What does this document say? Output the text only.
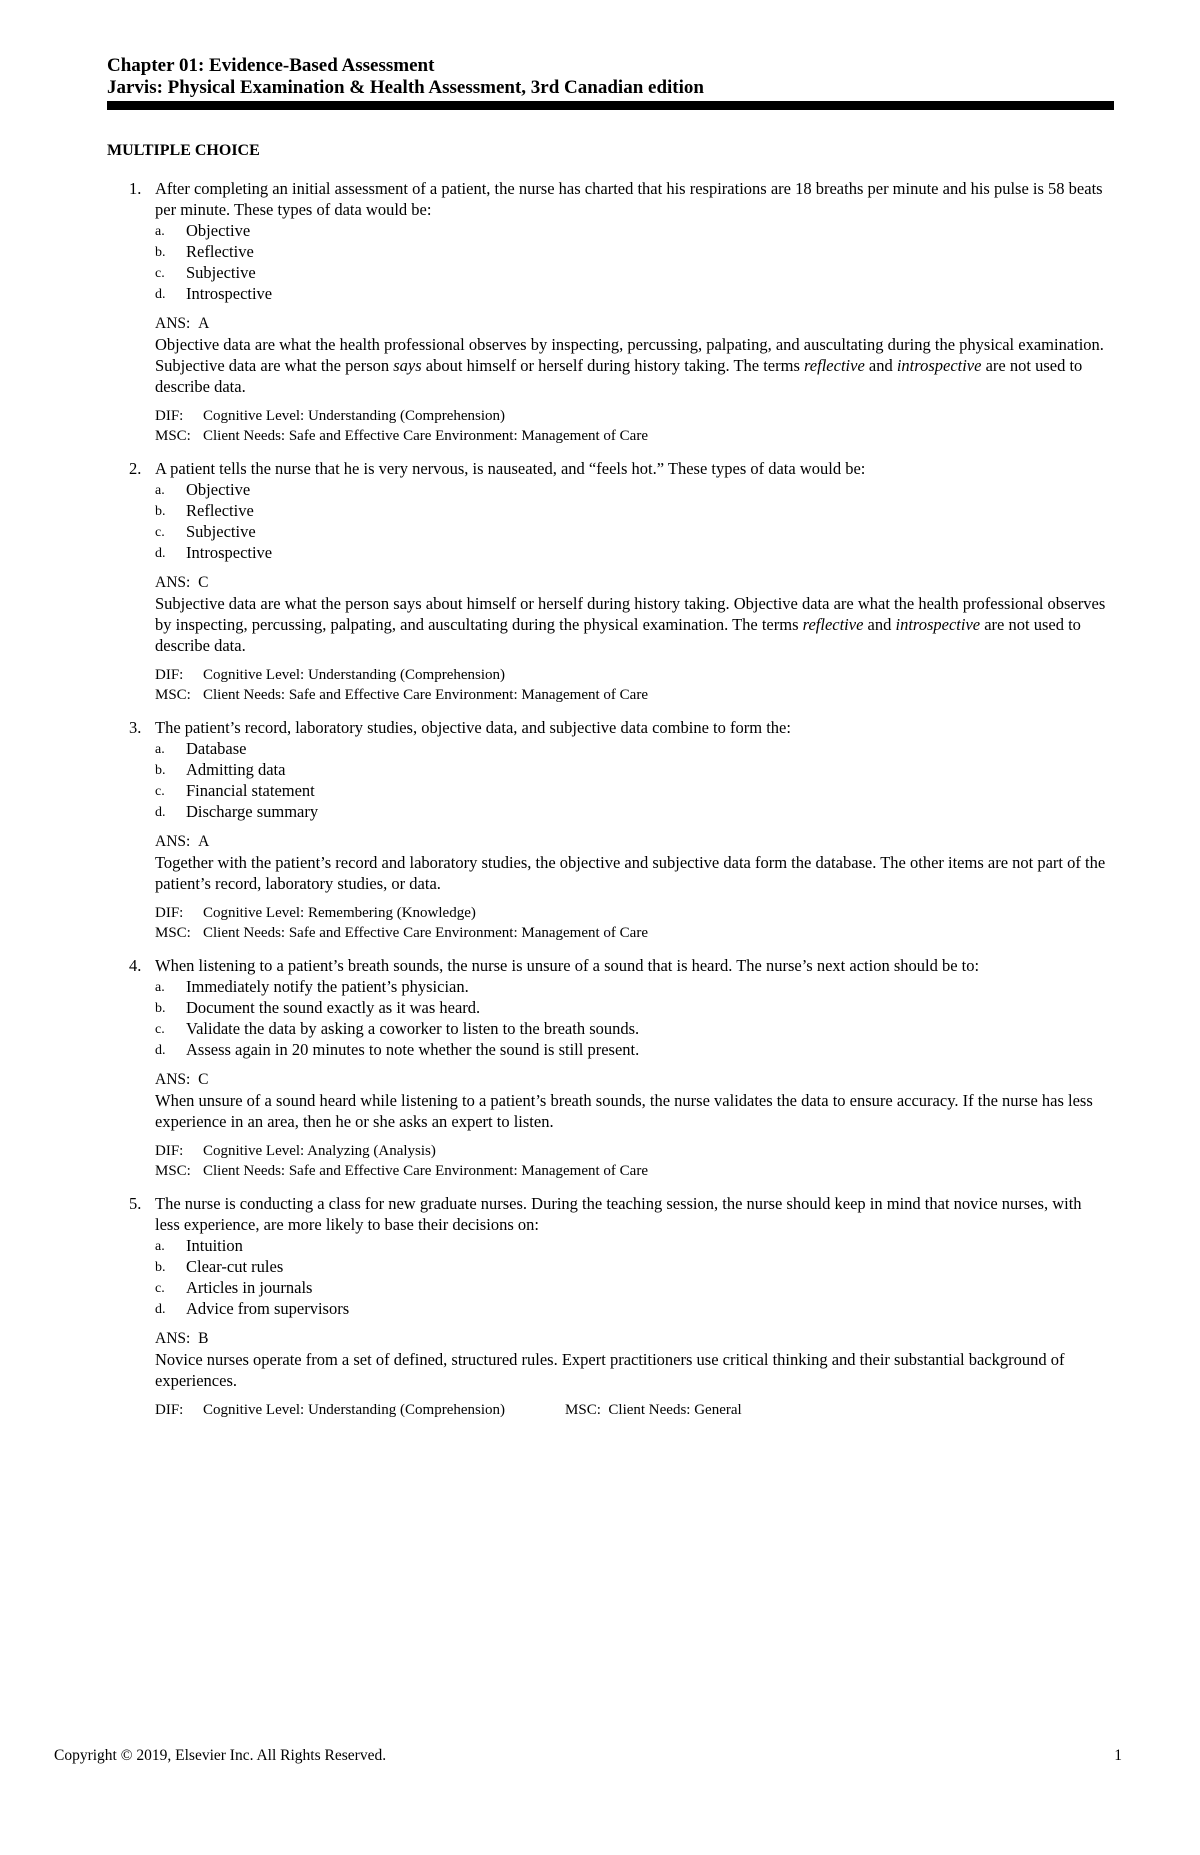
Chapter 01: Evidence-Based Assessment
Jarvis: Physical Examination & Health Assessment, 3rd Canadian edition
MULTIPLE CHOICE
1. After completing an initial assessment of a patient, the nurse has charted that his respirations are 18 breaths per minute and his pulse is 58 beats per minute. These types of data would be:

a. Objective
b. Reflective
c. Subjective
d. Introspective
ANS: A

Objective data are what the health professional observes by inspecting, percussing, palpating, and auscultating during the physical examination. Subjective data are what the person says about himself or herself during history taking. The terms reflective and introspective are not used to describe data.

DIF: Cognitive Level: Understanding (Comprehension)
MSC: Client Needs: Safe and Effective Care Environment: Management of Care
2. A patient tells the nurse that he is very nervous, is nauseated, and “feels hot.” These types of data would be:

a. Objective
b. Reflective
c. Subjective
d. Introspective
ANS: C

Subjective data are what the person says about himself or herself during history taking. Objective data are what the health professional observes by inspecting, percussing, palpating, and auscultating during the physical examination. The terms reflective and introspective are not used to describe data.

DIF: Cognitive Level: Understanding (Comprehension)
MSC: Client Needs: Safe and Effective Care Environment: Management of Care
3. The patient’s record, laboratory studies, objective data, and subjective data combine to form the:

a. Database
b. Admitting data
c. Financial statement
d. Discharge summary
ANS: A

Together with the patient’s record and laboratory studies, the objective and subjective data form the database. The other items are not part of the patient’s record, laboratory studies, or data.

DIF: Cognitive Level: Remembering (Knowledge)
MSC: Client Needs: Safe and Effective Care Environment: Management of Care
4. When listening to a patient’s breath sounds, the nurse is unsure of a sound that is heard. The nurse’s next action should be to:

a. Immediately notify the patient’s physician.
b. Document the sound exactly as it was heard.
c. Validate the data by asking a coworker to listen to the breath sounds.
d. Assess again in 20 minutes to note whether the sound is still present.
ANS: C

When unsure of a sound heard while listening to a patient’s breath sounds, the nurse validates the data to ensure accuracy. If the nurse has less experience in an area, then he or she asks an expert to listen.

DIF: Cognitive Level: Analyzing (Analysis)
MSC: Client Needs: Safe and Effective Care Environment: Management of Care
5. The nurse is conducting a class for new graduate nurses. During the teaching session, the nurse should keep in mind that novice nurses, with less experience, are more likely to base their decisions on:

a. Intuition
b. Clear-cut rules
c. Articles in journals
d. Advice from supervisors
ANS: B

Novice nurses operate from a set of defined, structured rules. Expert practitioners use critical thinking and their substantial background of experiences.

DIF: Cognitive Level: Understanding (Comprehension)	MSC: Client Needs: General
Copyright © 2019, Elsevier Inc. All Rights Reserved.	1
